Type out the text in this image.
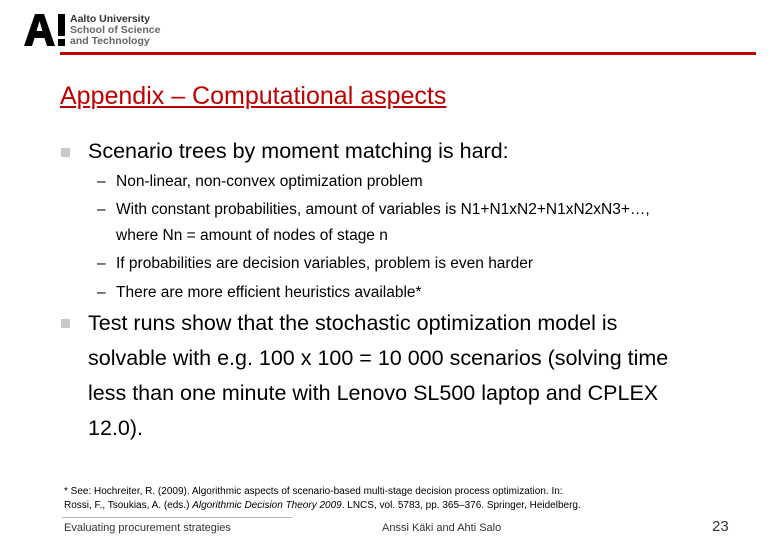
Aalto University
School of Science
and Technology
Appendix – Computational aspects
Scenario trees by moment matching is hard:
– Non-linear, non-convex optimization problem
– With constant probabilities, amount of variables is N1+N1xN2+N1xN2xN3+…,
where Nn = amount of nodes of stage n
– If probabilities are decision variables, problem is even harder
– There are more efficient heuristics available*
Test runs show that the stochastic optimization model is
solvable with e.g. 100 x 100 = 10 000 scenarios (solving time
less than one minute with Lenovo SL500 laptop and CPLEX
12.0).
* See: Hochreiter, R. (2009). Algorithmic aspects of scenario-based multi-stage decision process optimization. In:
Rossi, F., Tsoukias, A. (eds.) Algorithmic Decision Theory 2009. LNCS, vol. 5783, pp. 365–376. Springer, Heidelberg.
Evaluating procurement strategies	Anssi Käki and Ahti Salo	23
